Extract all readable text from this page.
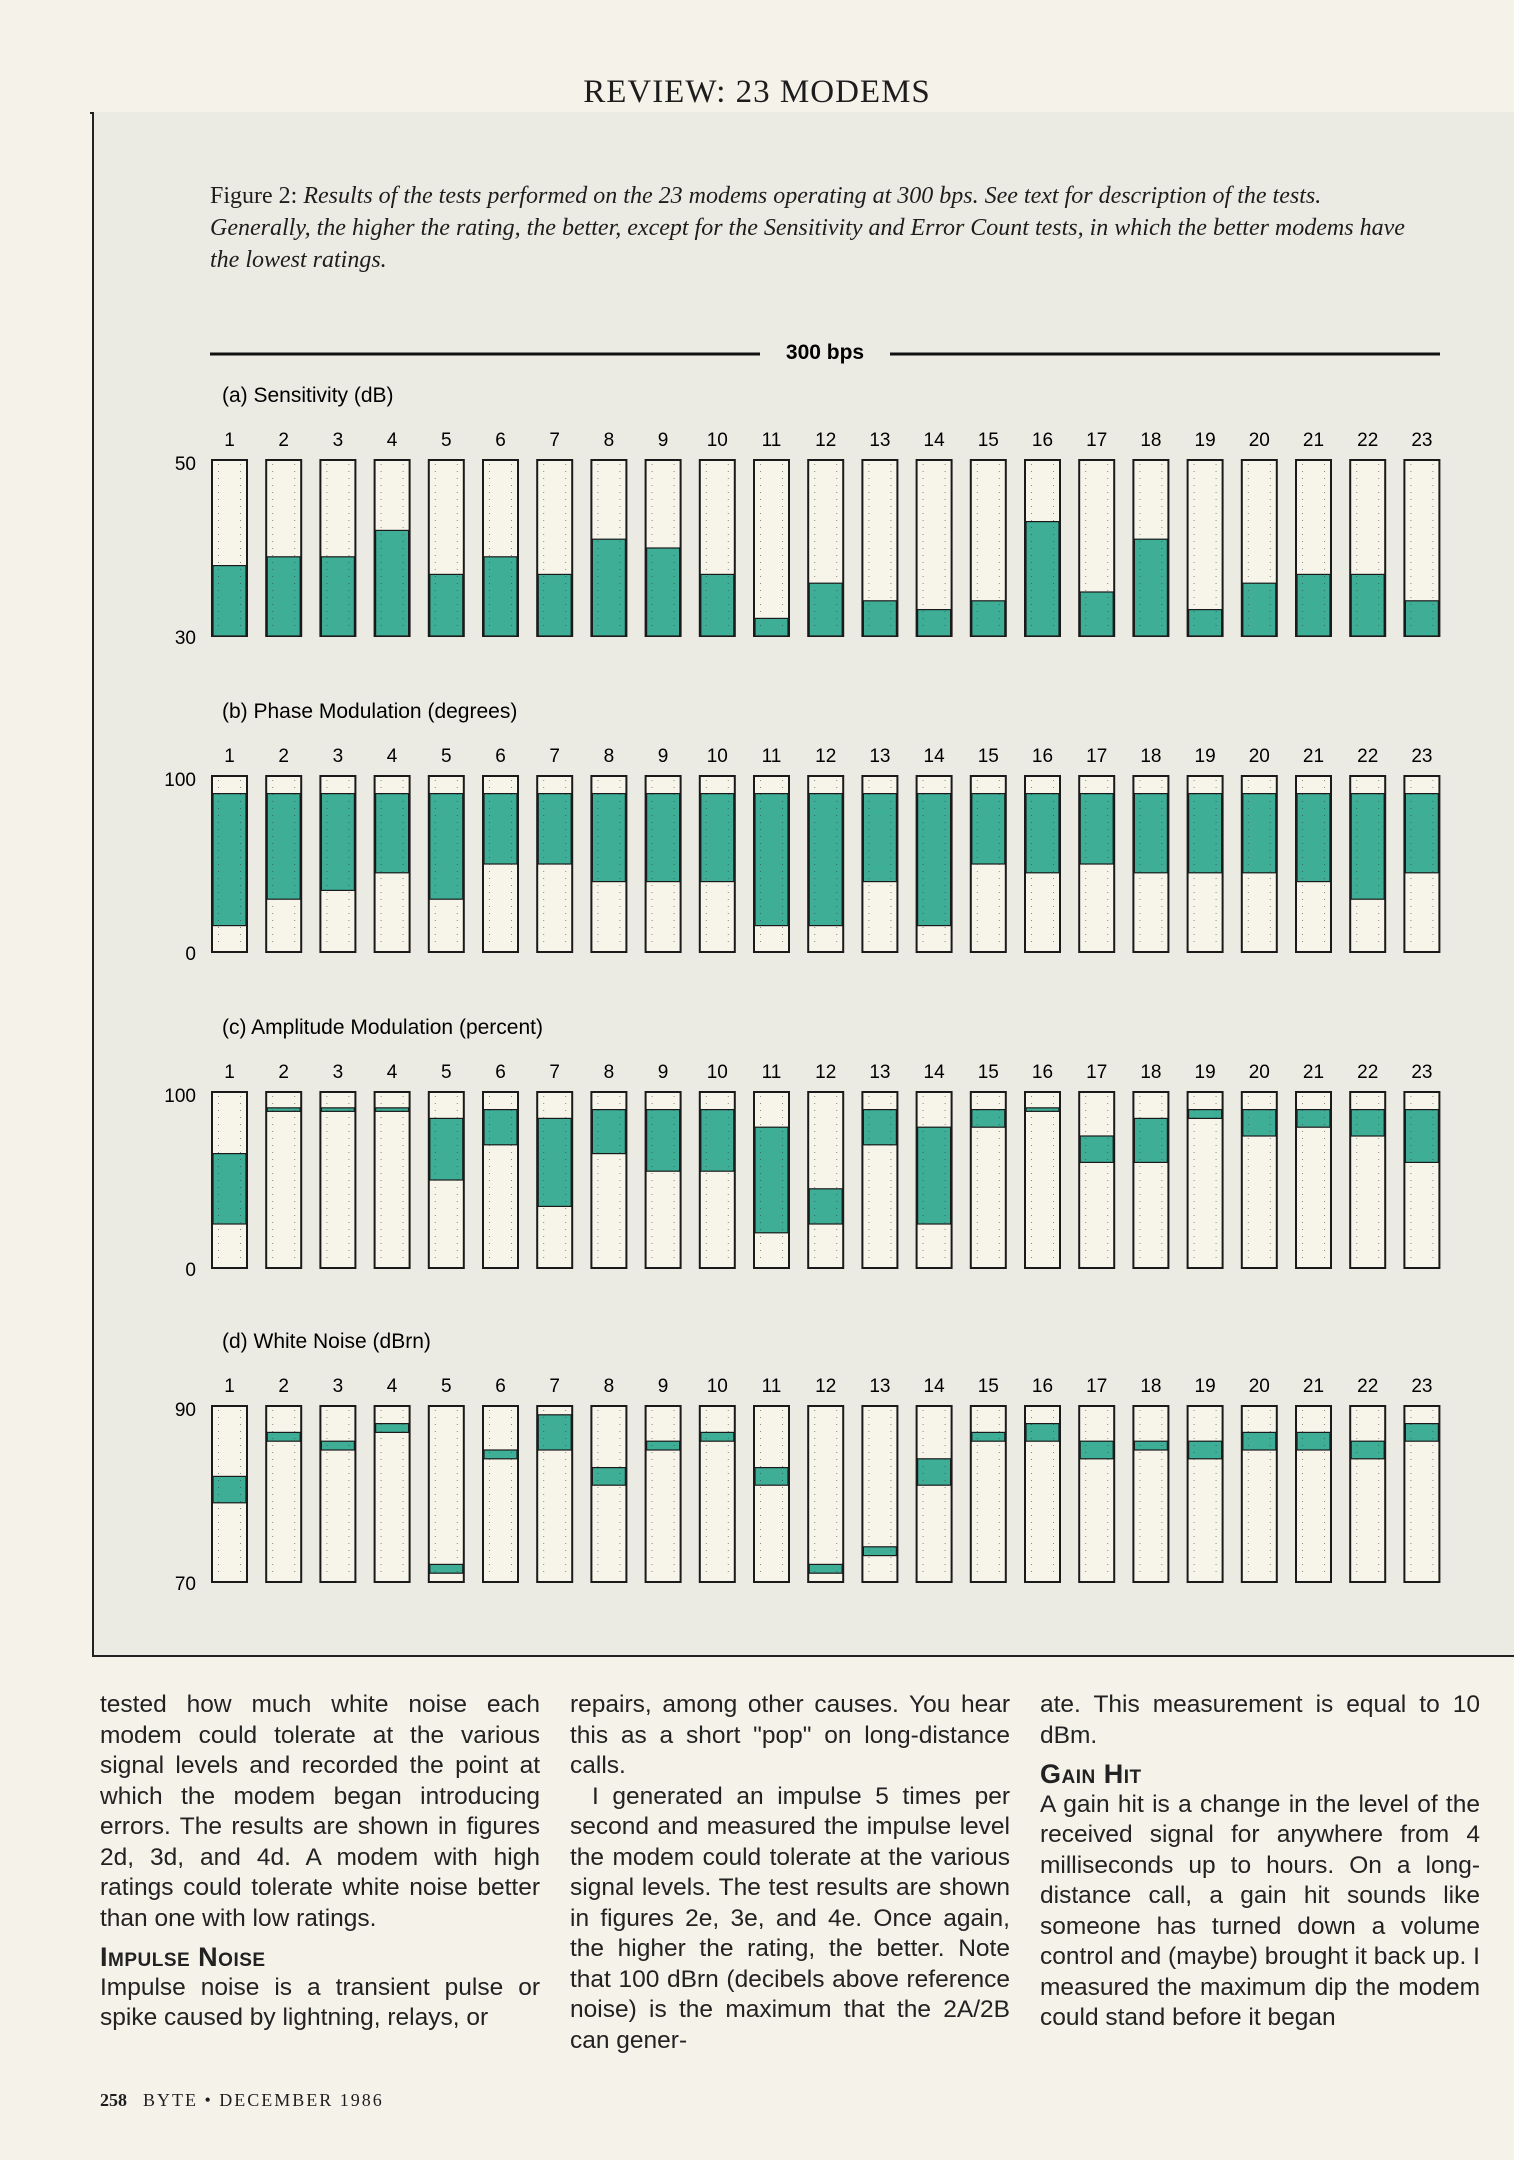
REVIEW: 23 MODEMS
Figure 2: Results of the tests performed on the 23 modems operating at 300 bps. See text for description of the tests. Generally, the higher the rating, the better, except for the Sensitivity and Error Count tests, in which the better modems have the lowest ratings.
300 bps
(a) Sensitivity (dB)
50
30
1 2 3 4 5 6 7 8 9 10 11 12 13 14 15 16 17 18 19 20 21 22 23
(b) Phase Modulation (degrees)
100
0
1 2 3 4 5 6 7 8 9 10 11 12 13 14 15 16 17 18 19 20 21 22 23
(c) Amplitude Modulation (percent)
100
0
1 2 3 4 5 6 7 8 9 10 11 12 13 14 15 16 17 18 19 20 21 22 23
(d) White Noise (dBrn)
90
70
1 2 3 4 5 6 7 8 9 10 11 12 13 14 15 16 17 18 19 20 21 22 23
tested how much white noise each modem could tolerate at the various signal levels and recorded the point at which the modem began introducing errors. The results are shown in figures 2d, 3d, and 4d. A modem with high ratings could tolerate white noise better than one with low ratings.
Impulse Noise
Impulse noise is a transient pulse or spike caused by lightning, relays, or
repairs, among other causes. You hear this as a short "pop" on long-distance calls.
I generated an impulse 5 times per second and measured the impulse level the modem could tolerate at the various signal levels. The test results are shown in figures 2e, 3e, and 4e. Once again, the higher the rating, the better. Note that 100 dBrn (decibels above reference noise) is the maximum that the 2A/2B can gener-
ate. This measurement is equal to 10 dBm.
Gain Hit
A gain hit is a change in the level of the received signal for anywhere from 4 milliseconds up to hours. On a long-distance call, a gain hit sounds like someone has turned down a volume control and (maybe) brought it back up. I measured the maximum dip the modem could stand before it began
258 BYTE • DECEMBER 1986
